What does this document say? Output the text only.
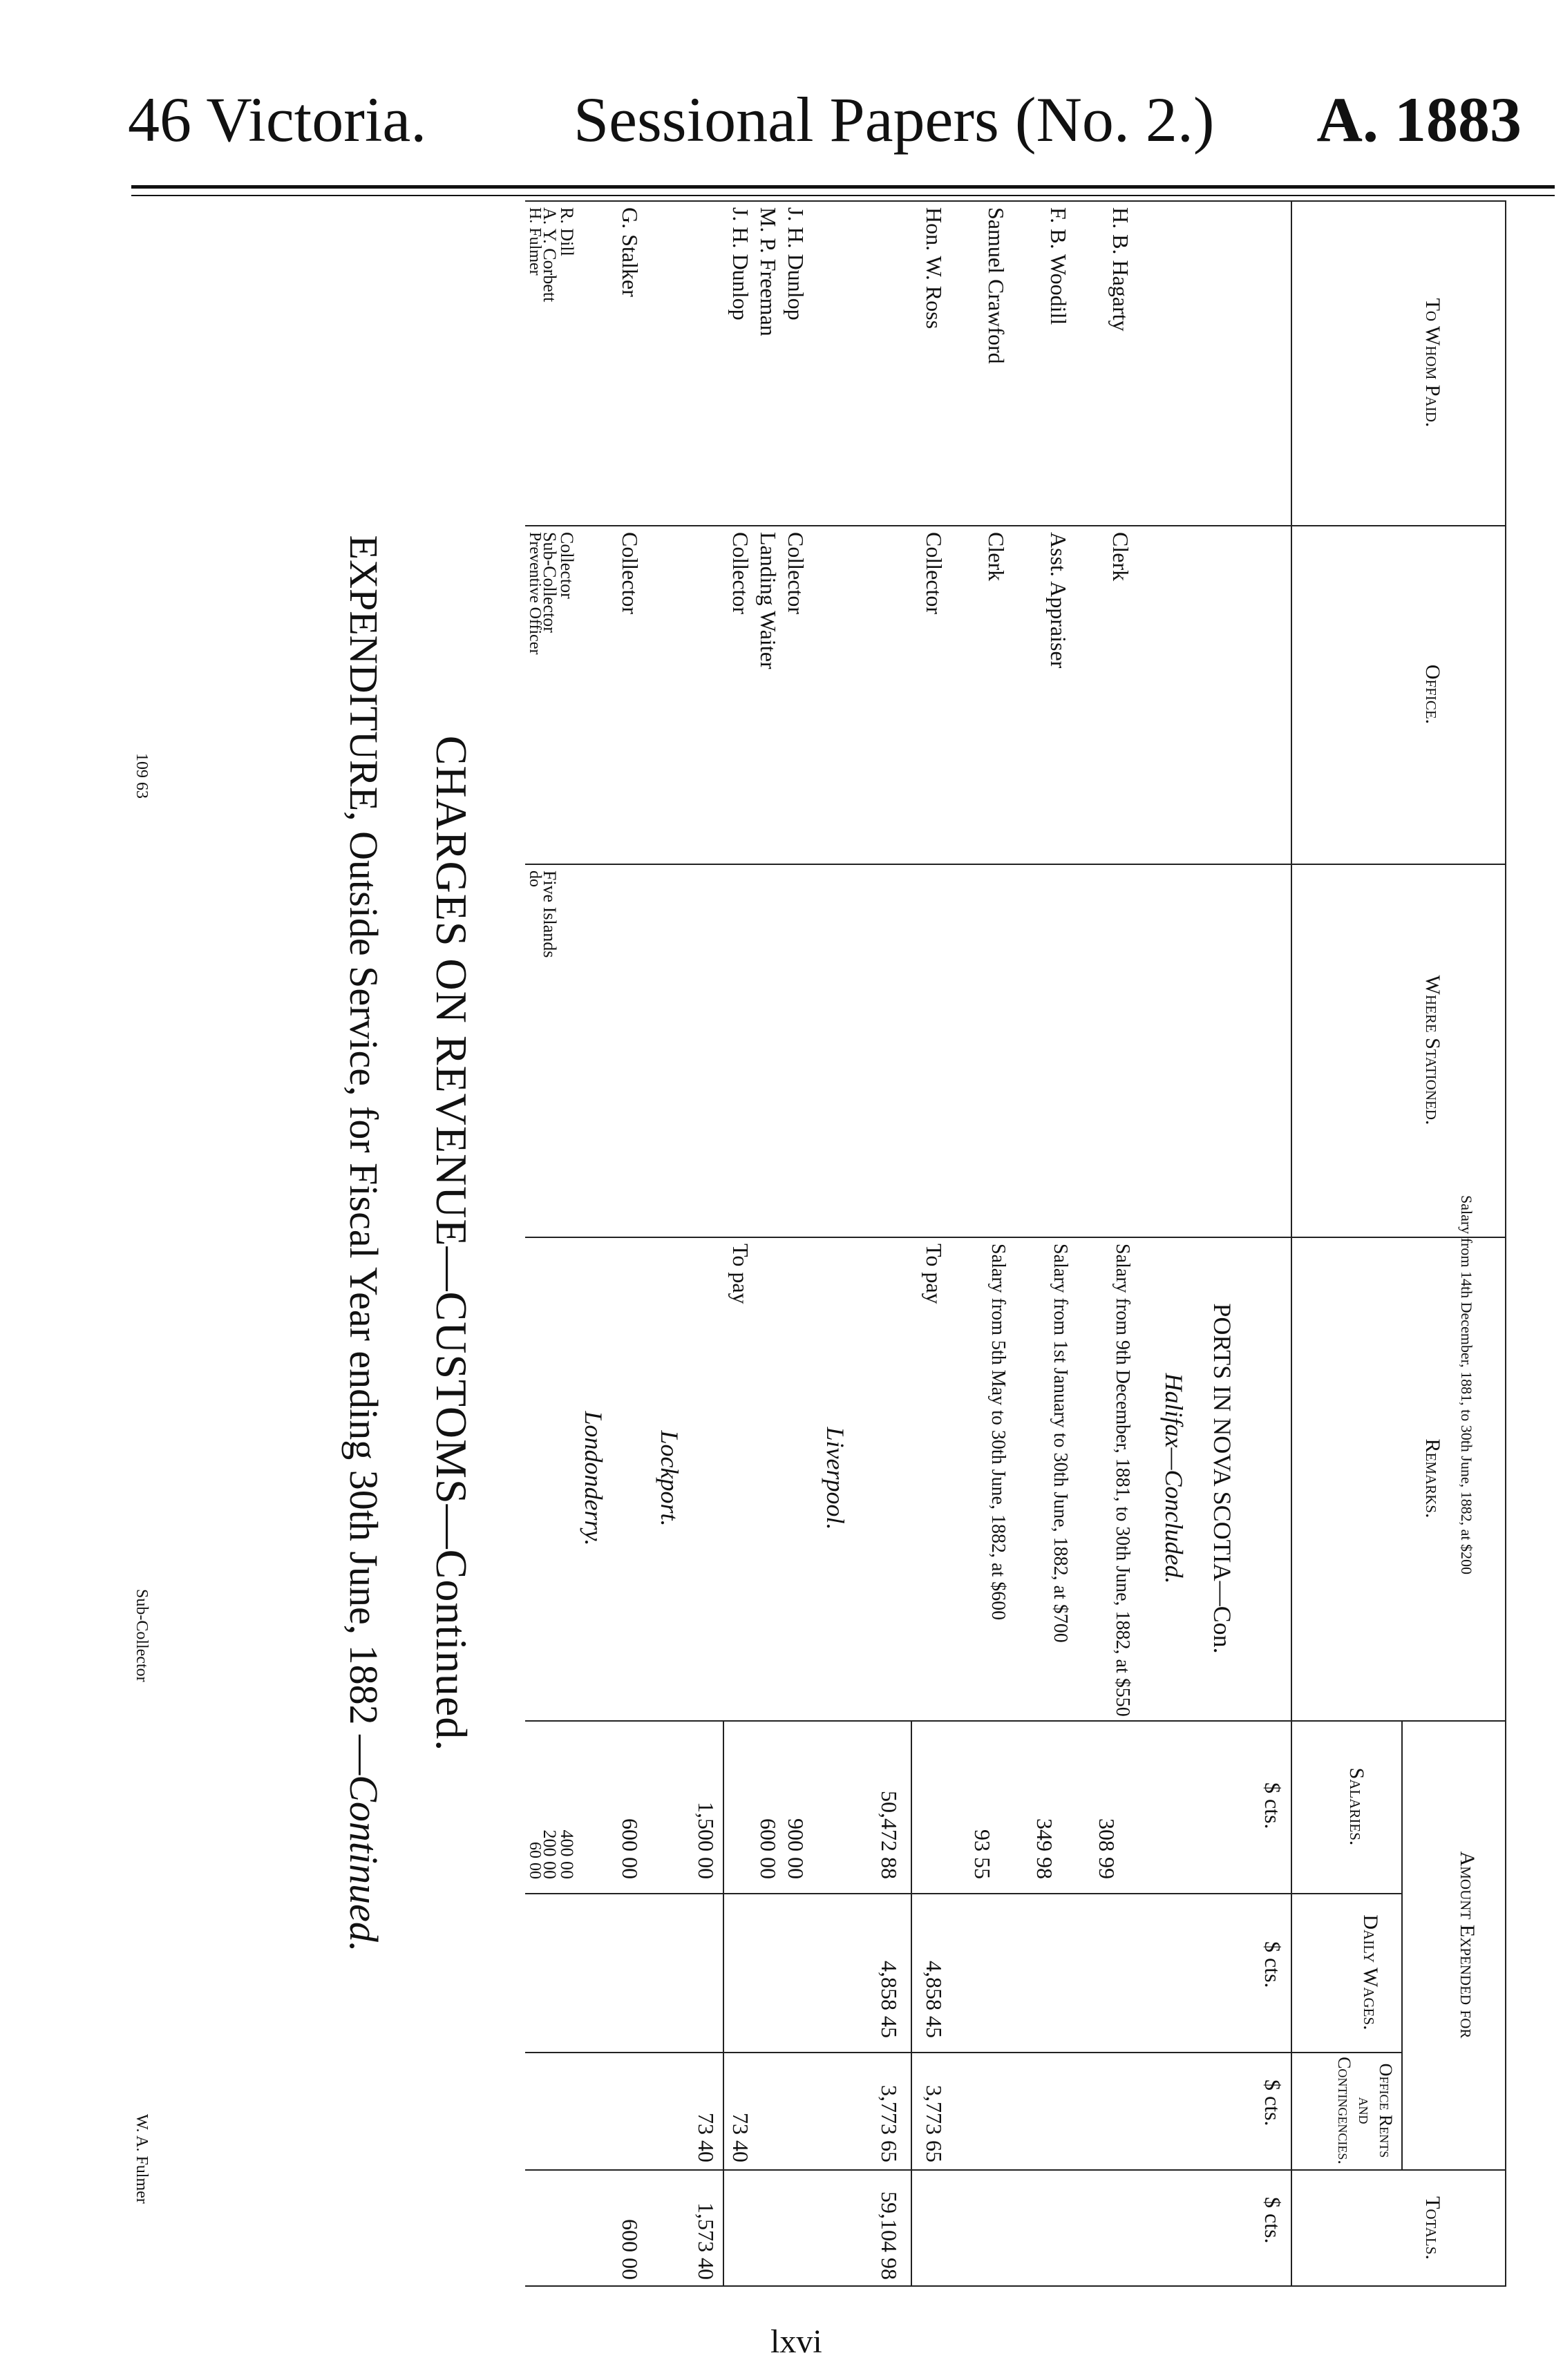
46 Victoria. Sessional Papers (No. 2.) A. 1883
CHARGES ON REVENUE—CUSTOMS—Continued.
EXPENDITURE, Outside Service, for Fiscal Year ending 30th June, 1882 —Continued.
To Whom Paid.
Office.
Where Stationed.
Remarks.
Amount Expended for
Salaries.
Daily Wages.
Office Rents and Contingencies.
Totals.
$ cts.
$ cts.
$ cts.
$ cts.
PORTS IN NOVA SCOTIA—Con.
Halifax—Concluded.
H. B. Hagarty
Clerk
Salary from 9th December, 1881, to 30th June, 1882, at $550
308 99
F. B. Woodill
Asst. Appraiser
Salary from 1st January to 30th June, 1882, at $700
349 98
Samuel Crawford
Clerk
Salary from 5th May to 30th June, 1882, at $600
93 55
Hon. W. Ross
Collector
To pay
4,858 45
3,773 65
50,472 88
4,858 45
3,773 65
59,104 98
Liverpool.
J. H. Dunlop
Collector
900 00
M. P. Freeman
Landing Waiter
600 00
J. H. Dunlop
Collector
To pay
73 40
1,500 00
73 40
1,573 40
Lockport.
G. Stalker
Collector
600 00
600 00
Londonderry.
R. Dill
Collector
400 00
A. Y. Corbett
Sub-Collector
Five Islands
200 00
H. Fulmer
Preventive Officer
do
60 00
W. A. Fulmer
Sub-Collector
Salary from 14th December, 1881, to 30th June, 1882, at $200
109 63
lxvi
